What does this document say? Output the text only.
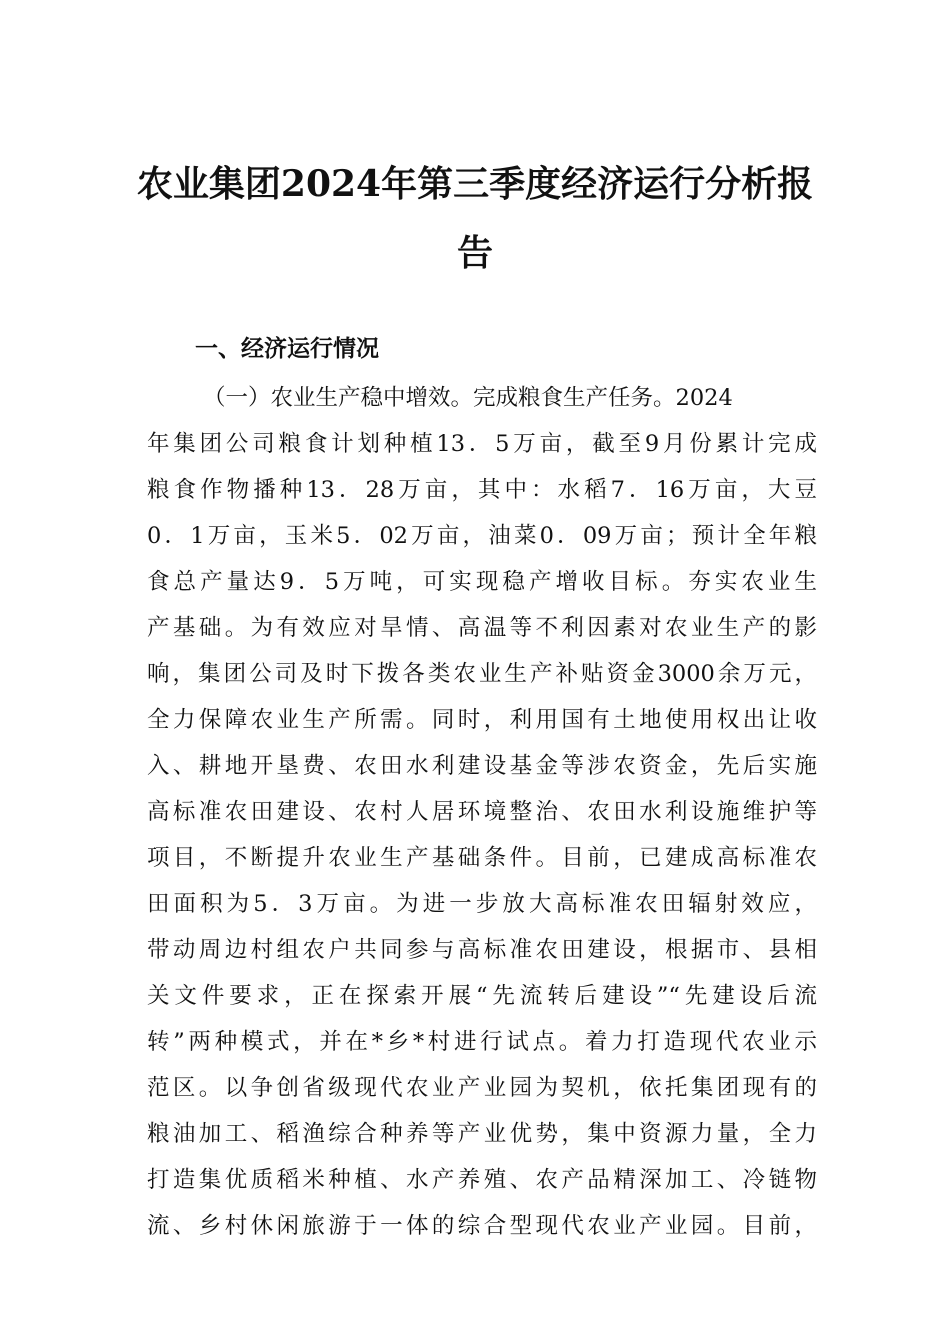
农业集团2024年第三季度经济运行分析报
告
一、经济运行情况
（一）农业生产稳中增效。完成粮食生产任务。2024
年集团公司粮食计划种植13．5万亩，截至9月份累计完成
粮食作物播种13．28万亩，其中：水稻7．16万亩，大豆
0．1万亩，玉米5．02万亩，油菜0．09万亩；预计全年粮
食总产量达9．5万吨，可实现稳产增收目标。夯实农业生
产基础。为有效应对旱情、高温等不利因素对农业生产的影
响，集团公司及时下拨各类农业生产补贴资金3000余万元，
全力保障农业生产所需。同时，利用国有土地使用权出让收
入、耕地开垦费、农田水利建设基金等涉农资金，先后实施
高标准农田建设、农村人居环境整治、农田水利设施维护等
项目，不断提升农业生产基础条件。目前，已建成高标准农
田面积为5．3万亩。为进一步放大高标准农田辐射效应，
带动周边村组农户共同参与高标准农田建设，根据市、县相
关文件要求，正在探索开展“先流转后建设”“先建设后流
转”两种模式，并在*乡*村进行试点。着力打造现代农业示
范区。以争创省级现代农业产业园为契机，依托集团现有的
粮油加工、稻渔综合种养等产业优势，集中资源力量，全力
打造集优质稻米种植、水产养殖、农产品精深加工、冷链物
流、乡村休闲旅游于一体的综合型现代农业产业园。目前，
